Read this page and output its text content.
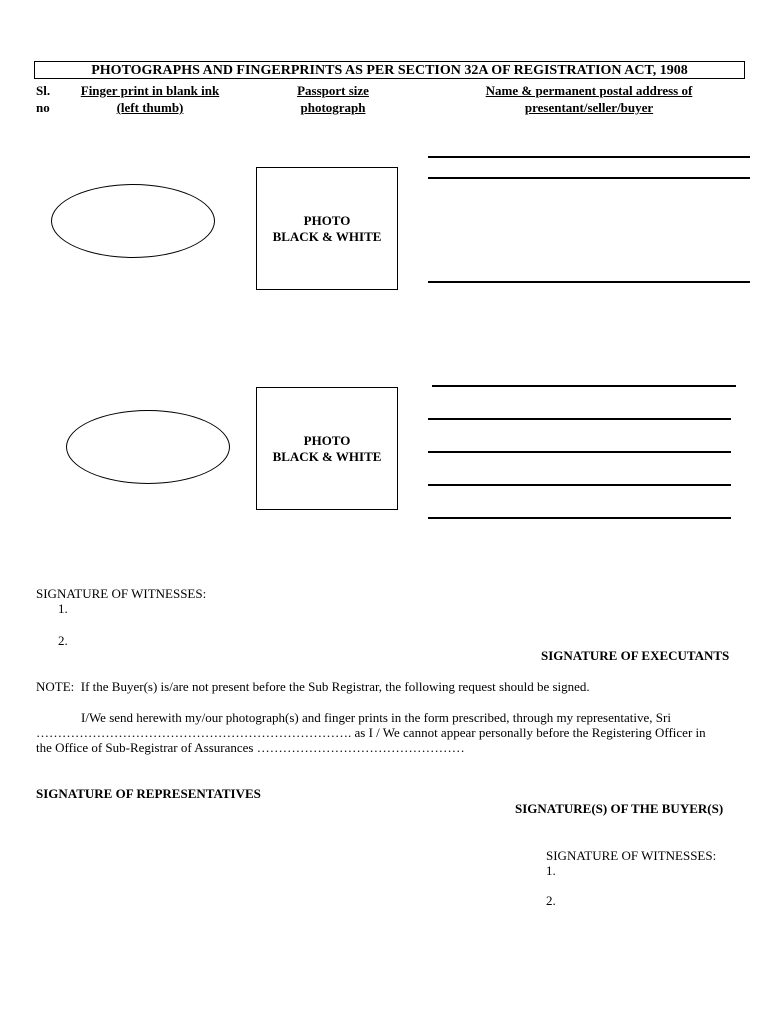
PHOTOGRAPHS AND FINGERPRINTS AS PER SECTION 32A OF REGISTRATION ACT, 1908
Sl.
no
Finger print in blank ink
(left thumb)
Passport size
photograph
Name & permanent postal address of
presentant/seller/buyer
PHOTO
BLACK & WHITE
PHOTO
BLACK & WHITE
SIGNATURE OF WITNESSES:
1.
2.
SIGNATURE OF EXECUTANTS
NOTE:  If the Buyer(s) is/are not present before the Sub Registrar, the following request should be signed.
I/We send herewith my/our photograph(s) and finger prints in the form prescribed, through my representative, Sri
………………………………………………………………. as I / We cannot appear personally before the Registering Officer in
the Office of Sub-Registrar of Assurances …………………………………………
SIGNATURE OF REPRESENTATIVES
SIGNATURE(S) OF THE BUYER(S)
SIGNATURE OF WITNESSES:
1.
2.
